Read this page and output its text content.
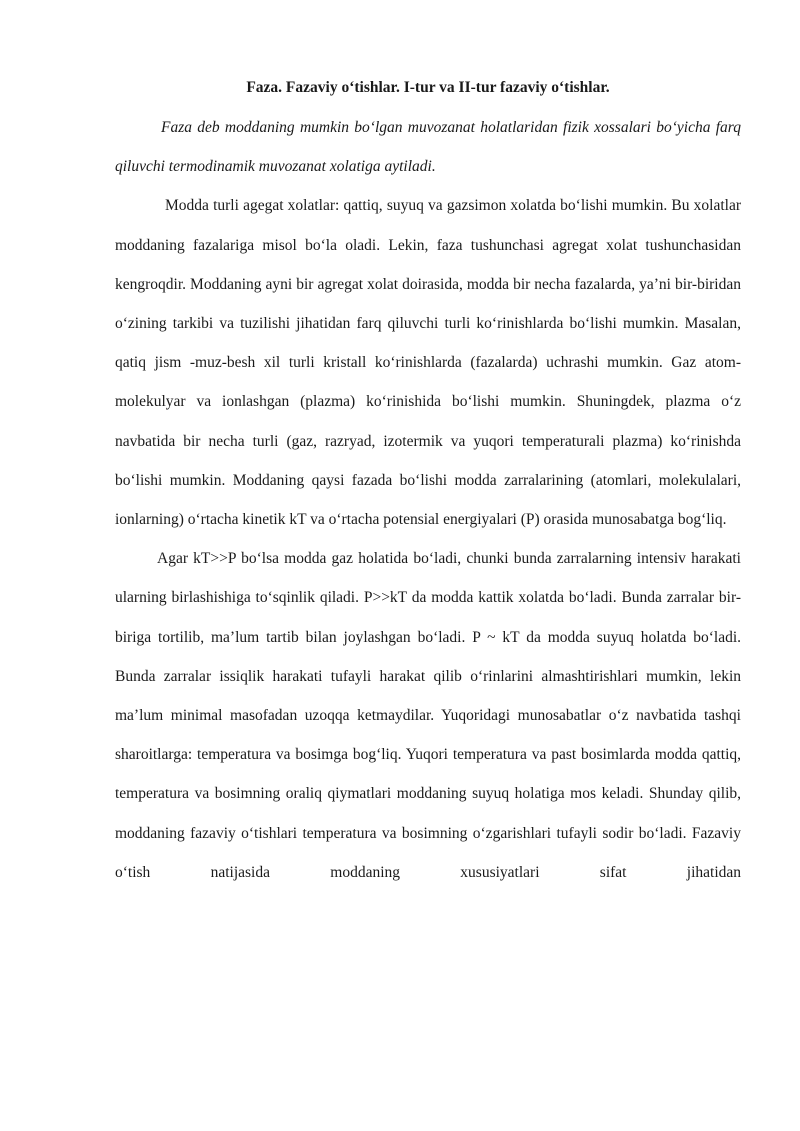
Faza. Fazaviy o‘tishlar. I-tur va II-tur fazaviy o‘tishlar.

Faza deb moddaning mumkin bo‘lgan muvozanat holatlaridan fizik xossalari bo‘yicha farq qiluvchi termodinamik muvozanat xolatiga aytiladi.

Modda turli agegat xolatlar: qattiq, suyuq va gazsimon xolatda bo‘lishi mumkin. Bu xolatlar moddaning fazalariga misol bo‘la oladi. Lekin, faza tushunchasi agregat xolat tushunchasidan kengroqdir. Moddaning ayni bir agregat xolat doirasida, modda bir necha fazalarda, ya’ni bir-biridan o‘zining tarkibi va tuzilishi jihatidan farq qiluvchi turli ko‘rinishlarda bo‘lishi mumkin. Masalan, qatiq jism -muz-besh xil turli kristall ko‘rinishlarda (fazalarda) uchrashi mumkin. Gaz atom- molekulyar va ionlashgan (plazma) ko‘rinishida bo‘lishi mumkin. Shuningdek, plazma o‘z navbatida bir necha turli (gaz, razryad, izotermik va yuqori temperaturali plazma) ko‘rinishda bo‘lishi mumkin. Moddaning qaysi fazada bo‘lishi modda zarralarining (atomlari, molekulalari, ionlarning) o‘rtacha kinetik kT va o‘rtacha potensial energiyalari (P) orasida munosabatga bog‘liq.

Agar kT>>P bo‘lsa modda gaz holatida bo‘ladi, chunki bunda zarralarning intensiv harakati ularning birlashishiga to‘sqinlik qiladi. P>>kT da modda kattik xolatda bo‘ladi. Bunda zarralar bir-biriga tortilib, ma’lum tartib bilan joylashgan bo‘ladi. P ~ kT da modda suyuq holatda bo‘ladi. Bunda zarralar issiqlik harakati tufayli harakat qilib o‘rinlarini almashtirishlari mumkin, lekin ma’lum minimal masofadan uzoqqa ketmaydilar. Yuqoridagi munosabatlar o‘z navbatida tashqi sharoitlarga: temperatura va bosimga bog‘liq. Yuqori temperatura va past bosimlarda modda qattiq, temperatura va bosimning oraliq qiymatlari moddaning suyuq holatiga mos keladi. Shunday qilib, moddaning fazaviy o‘tishlari temperatura va bosimning o‘zgarishlari tufayli sodir bo‘ladi. Fazaviy o‘tish natijasida moddaning xususiyatlari sifat jihatidan
